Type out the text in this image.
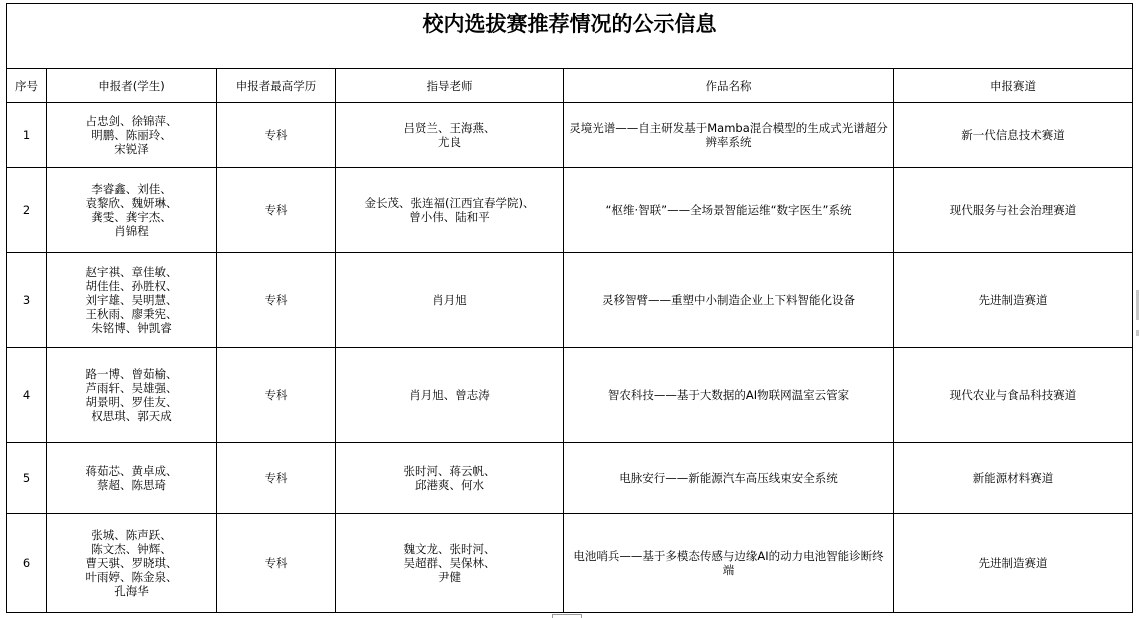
校内选拔赛推荐情况的公示信息					
序号	申报者(学生)	申报者最高学历	指导老师	作品名称	申报赛道
1	占忠剑、徐锦萍、
明鹏、陈丽玲、
宋锐泽	专科	吕贤兰、王海燕、
尤良	灵境光谱——自主研发基于Mamba混合模型的生成式光谱超分
辨率系统	新一代信息技术赛道
2	李睿鑫、刘佳、
袁黎欣、魏妍琳、
龚雯、龚宇杰、
肖锦程	专科	金长茂、张连福(江西宜春学院)、
曾小伟、陆和平	“枢维·智联”——全场景智能运维“数字医生”系统	现代服务与社会治理赛道
3	赵宇祺、章佳敏、
胡佳佳、孙胜权、
刘宇雄、吴明慧、
王秋雨、廖秉宪、
朱铭博、钟凯睿	专科	肖月旭	灵移智臂——重塑中小制造企业上下料智能化设备	先进制造赛道
4	路一博、曾茹榆、
芦雨轩、吴雄强、
胡景明、罗佳友、
权思琪、郭天成	专科	肖月旭、曾志涛	智农科技——基于大数据的AI物联网温室云管家	现代农业与食品科技赛道
5	蒋茹芯、黄卓成、
蔡超、陈思琦	专科	张时河、蒋云帆、
邱港爽、何水	电脉安行——新能源汽车高压线束安全系统	新能源材料赛道
6	张城、陈声跃、
陈文杰、钟辉、
曹天骐、罗晓琪、
叶雨婷、陈金泉、
孔海华	专科	魏文龙、张时河、
吴超群、吴保林、
尹健	电池哨兵——基于多模态传感与边缘AI的动力电池智能诊断终
端	先进制造赛道
